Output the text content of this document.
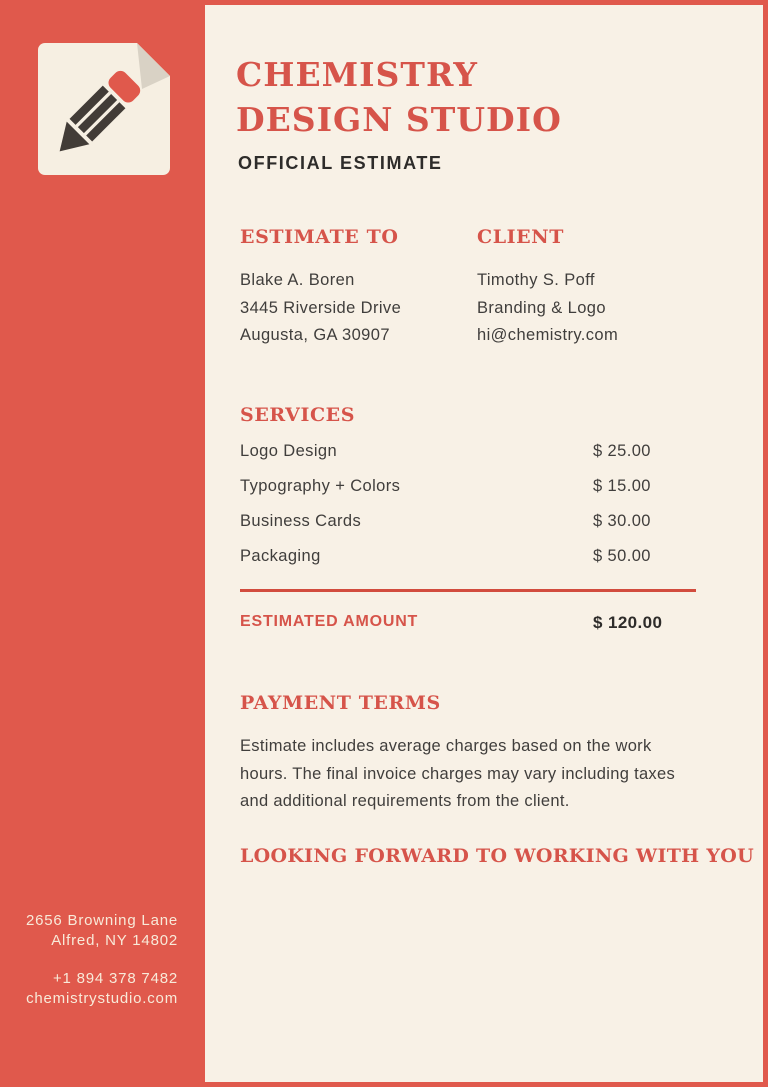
CHEMISTRY
DESIGN STUDIO
OFFICIAL ESTIMATE
ESTIMATE TO
Blake A. Boren
3445 Riverside Drive
Augusta, GA 30907
CLIENT
Timothy S. Poff
Branding & Logo
hi@chemistry.com
SERVICES
Logo Design	$ 25.00
Typography + Colors	$ 15.00
Business Cards	$ 30.00
Packaging	$ 50.00
ESTIMATED AMOUNT	$ 120.00
PAYMENT TERMS
Estimate includes average charges based on the work
hours. The final invoice charges may vary including taxes
and additional requirements from the client.
LOOKING FORWARD TO WORKING WITH YOU
2656 Browning Lane
Alfred, NY 14802
+1 894 378 7482
chemistrystudio.com
